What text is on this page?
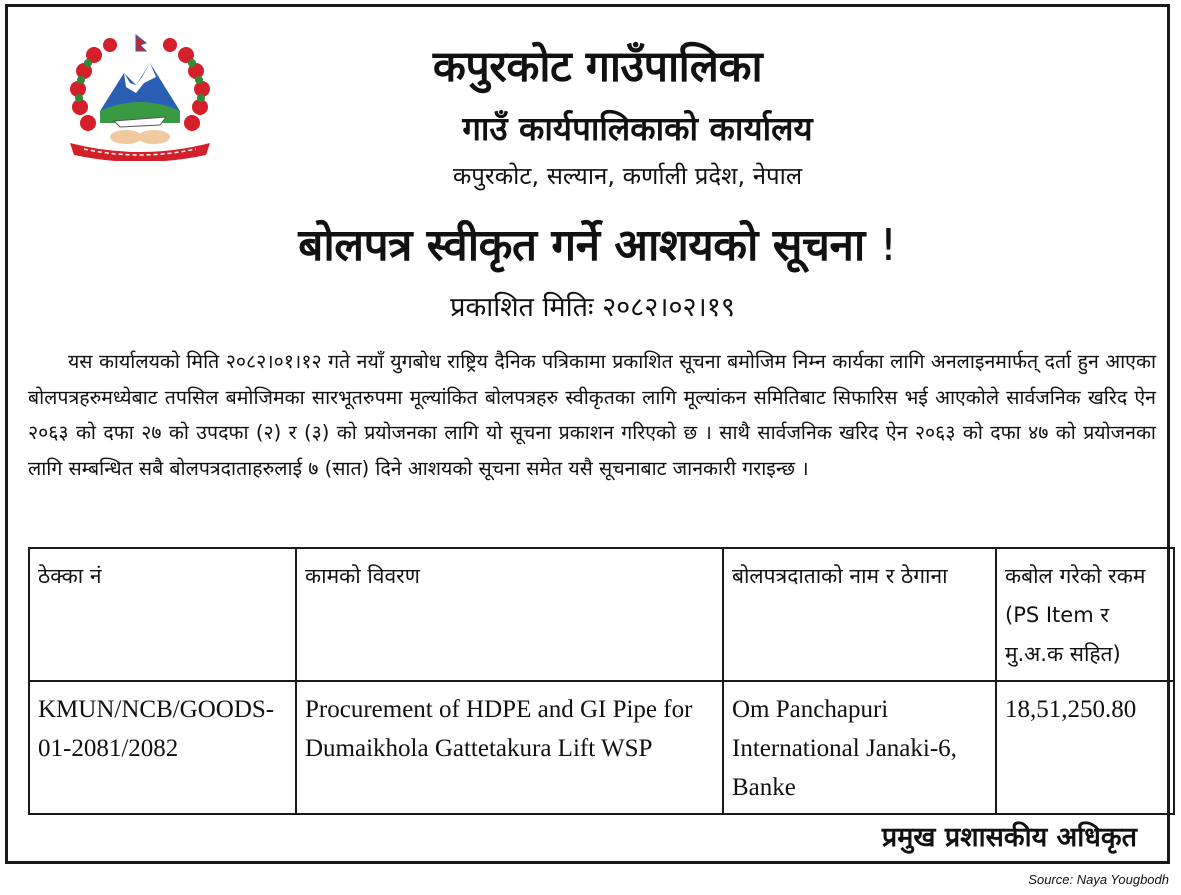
कपुरकोट गाउँपालिका
गाउँ कार्यपालिकाको कार्यालय
कपुरकोट, सल्यान, कर्णाली प्रदेश, नेपाल
बोलपत्र स्वीकृत गर्ने आशयको सूचना !
प्रकाशित मितिः २०८२।०२।१९
यस कार्यालयको मिति २०८२।०१।१२ गते नयाँ युगबोध राष्ट्रिय दैनिक पत्रिकामा प्रकाशित सूचना बमोजिम निम्न कार्यका लागि अनलाइनमार्फत् दर्ता हुन आएका बोलपत्रहरुमध्येबाट तपसिल बमोजिमका सारभूतरुपमा मूल्यांकित बोलपत्रहरु स्वीकृतका लागि मूल्यांकन समितिबाट सिफारिस भई आएकोले सार्वजनिक खरिद ऐन २०६३ को दफा २७ को उपदफा (२) र (३) को प्रयोजनका लागि यो सूचना प्रकाशन गरिएको छ । साथै सार्वजनिक खरिद ऐन २०६३ को दफा ४७ को प्रयोजनका लागि सम्बन्धित सबै बोलपत्रदाताहरुलाई ७ (सात) दिने आशयको सूचना समेत यसै सूचनाबाट जानकारी गराइन्छ ।
ठेक्का नं	कामको विवरण	बोलपत्रदाताको नाम र ठेगाना	कबोल गरेको रकम (PS Item र मु.अ.क सहित)
KMUN/NCB/GOODS-01-2081/2082	Procurement of HDPE and GI Pipe for Dumaikhola Gattetakura Lift WSP	Om Panchapuri International Janaki-6, Banke	18,51,250.80
प्रमुख प्रशासकीय अधिकृत
Source: Naya Yougbodh
